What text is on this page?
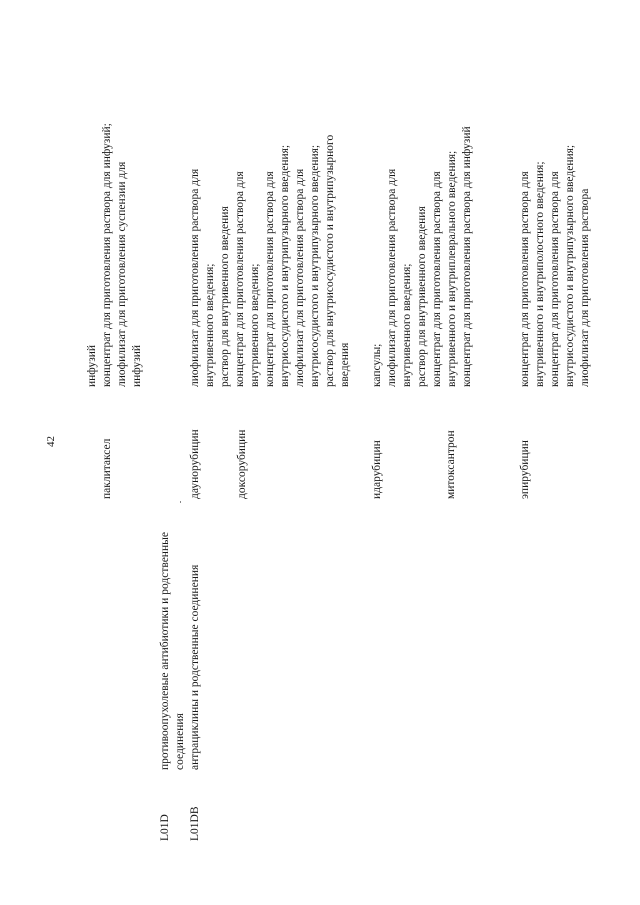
42	паклитаксел

инфузий концентрат для приготовления раствора для инфузий; лиофилизат для приготовления суспензии для инфузий

L01D
противоопухолевые антибиотики и родственные соединения
L01DB
антрациклины и родственные соединения
даунорубицин

лиофилизат для приготовления раствора для внутривенного введения; раствор для внутривенного введения

доксорубицин

концентрат для приготовления раствора для внутривенного введения; концентрат для приготовления раствора для внутрисосудистого и внутрипузырного введения; лиофилизат для приготовления раствора для внутрисосудистого и внутрипузырного введения; раствор для внутрисосудистого и внутрипузырного введения

идарубицин

капсулы; лиофилизат для приготовления раствора для внутривенного введения; раствор для внутривенного введения

митоксантрон

концентрат для приготовления раствора для внутривенного и внутриплеврального введения; концентрат для приготовления раствора для инфузий

эпирубицин

концентрат для приготовления раствора для внутривенного и внутриполостного введения; концентрат для приготовления раствора для внутрисосудистого и внутрипузырного введения; лиофилизат для приготовления раствора
